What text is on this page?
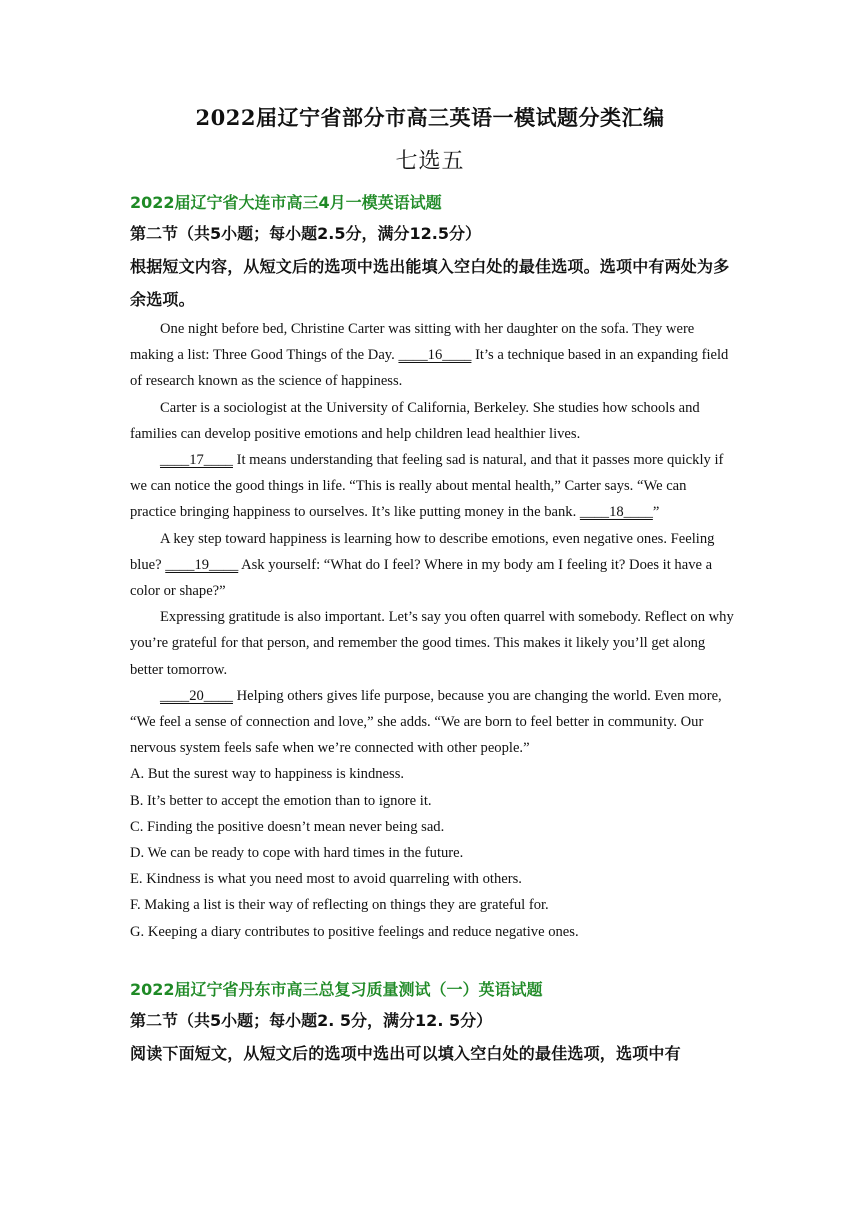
2022届辽宁省部分市高三英语一模试题分类汇编
七选五
2022届辽宁省大连市高三4月一模英语试题
第二节（共5小题；每小题2.5分，满分12.5分）
根据短文内容，从短文后的选项中选出能填入空白处的最佳选项。选项中有两处为多余选项。

One night before bed, Christine Carter was sitting with her daughter on the sofa. They were making a list: Three Good Things of the Day. ____16____ It’s a technique based in an expanding field of research known as the science of happiness.

Carter is a sociologist at the University of California, Berkeley. She studies how schools and families can develop positive emotions and help children lead healthier lives.

____17____ It means understanding that feeling sad is natural, and that it passes more quickly if we can notice the good things in life. “This is really about mental health,” Carter says. “We can practice bringing happiness to ourselves. It’s like putting money in the bank. ____18____”

A key step toward happiness is learning how to describe emotions, even negative ones. Feeling blue? ____19____ Ask yourself: “What do I feel? Where in my body am I feeling it? Does it have a color or shape?”

Expressing gratitude is also important. Let’s say you often quarrel with somebody. Reflect on why you’re grateful for that person, and remember the good times. This makes it likely you’ll get along better tomorrow.

____20____ Helping others gives life purpose, because you are changing the world. Even more, “We feel a sense of connection and love,” she adds. “We are born to feel better in community. Our nervous system feels safe when we’re connected with other people.”

A. But the surest way to happiness is kindness.

B. It’s better to accept the emotion than to ignore it.

C. Finding the positive doesn’t mean never being sad.

D. We can be ready to cope with hard times in the future.

E. Kindness is what you need most to avoid quarreling with others.

F. Making a list is their way of reflecting on things they are grateful for.

G. Keeping a diary contributes to positive feelings and reduce negative ones.

2022届辽宁省丹东市高三总复习质量测试（一）英语试题
第二节（共5小题；每小题2. 5分，满分12. 5分）
阅读下面短文，从短文后的选项中选出可以填入空白处的最佳选项，选项中有
